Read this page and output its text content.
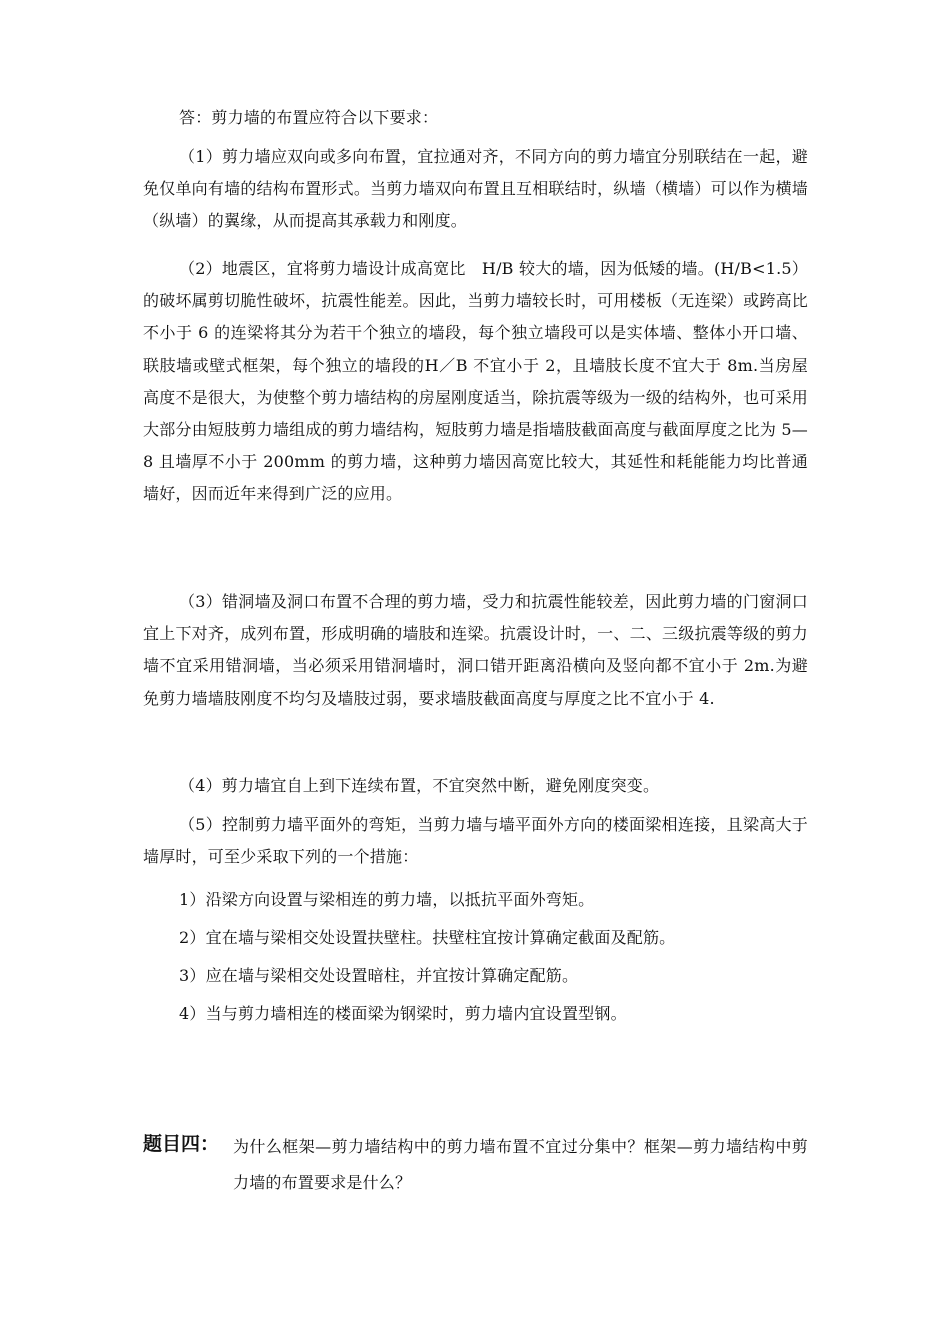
答：剪力墙的布置应符合以下要求：

（1）剪力墙应双向或多向布置，宜拉通对齐，不同方向的剪力墙宜分别联结在一起，避免仅单向有墙的结构布置形式。当剪力墙双向布置且互相联结时，纵墙（横墙）可以作为横墙（纵墙）的翼缘，从而提高其承载力和刚度。

（2）地震区，宜将剪力墙设计成高宽比　H/B 较大的墙，因为低矮的墙。(H/B<1.5）的破坏属剪切脆性破坏，抗震性能差。因此，当剪力墙较长时，可用楼板（无连梁）或跨高比不小于 6 的连梁将其分为若干个独立的墙段，每个独立墙段可以是实体墙、整体小开口墙、联肢墙或壁式框架，每个独立的墙段的H／B 不宜小于 2，且墙肢长度不宜大于 8m.当房屋高度不是很大，为使整个剪力墙结构的房屋刚度适当，除抗震等级为一级的结构外，也可采用大部分由短肢剪力墙组成的剪力墙结构，短肢剪力墙是指墙肢截面高度与截面厚度之比为 5—8 且墙厚不小于 200mm 的剪力墙，这种剪力墙因高宽比较大，其延性和耗能能力均比普通墙好，因而近年来得到广泛的应用。

（3）错洞墙及洞口布置不合理的剪力墙，受力和抗震性能较差，因此剪力墙的门窗洞口宜上下对齐，成列布置，形成明确的墙肢和连梁。抗震设计时，一、二、三级抗震等级的剪力墙不宜采用错洞墙，当必须采用错洞墙时，洞口错开距离沿横向及竖向都不宜小于 2m.为避免剪力墙墙肢刚度不均匀及墙肢过弱，要求墙肢截面高度与厚度之比不宜小于 4.

（4）剪力墙宜自上到下连续布置，不宜突然中断，避免刚度突变。

（5）控制剪力墙平面外的弯矩，当剪力墙与墙平面外方向的楼面梁相连接，且梁高大于墙厚时，可至少采取下列的一个措施：

1）沿梁方向设置与梁相连的剪力墙，以抵抗平面外弯矩。

2）宜在墙与梁相交处设置扶壁柱。扶壁柱宜按计算确定截面及配筋。

3）应在墙与梁相交处设置暗柱，并宜按计算确定配筋。

4）当与剪力墙相连的楼面梁为钢梁时，剪力墙内宜设置型钢。

题目四： 为什么框架—剪力墙结构中的剪力墙布置不宜过分集中？框架—剪力墙结构中剪力墙的布置要求是什么？
